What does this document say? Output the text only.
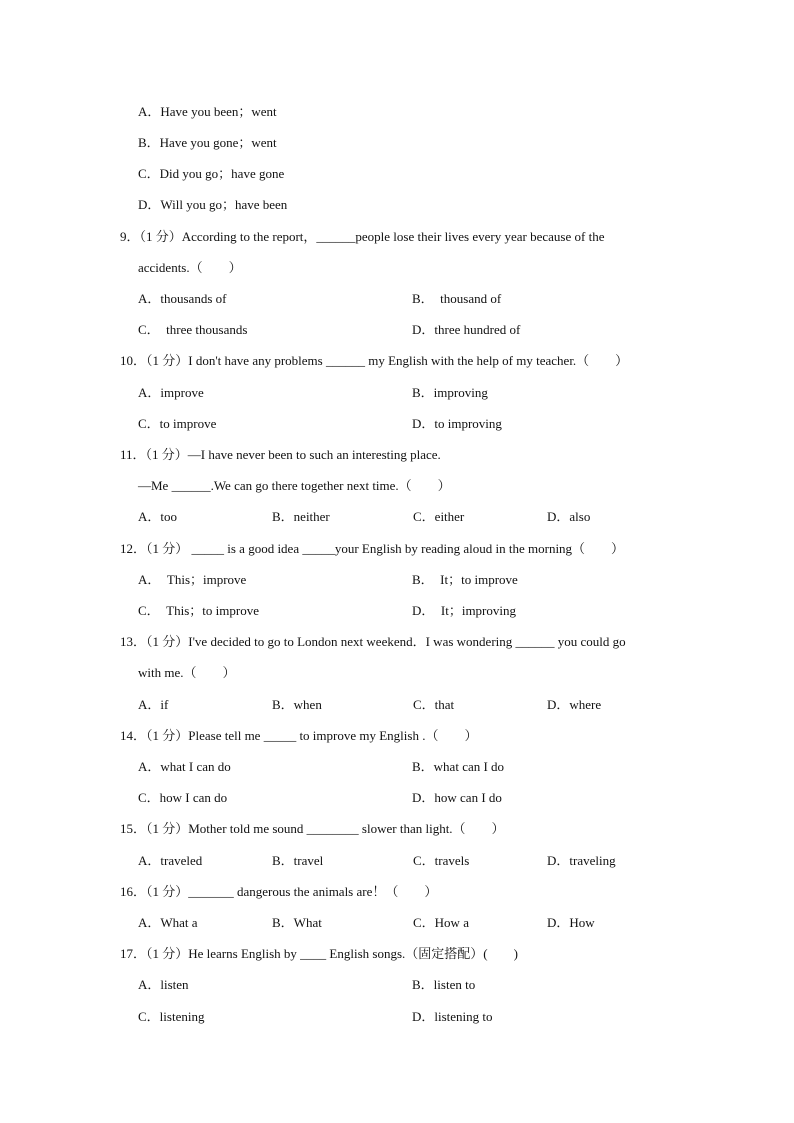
A．Have you been；went
B．Have you gone；went
C．Did you go；have gone
D．Will you go；have been
9．（1 分）According to the report，______people lose their lives every year because of the
accidents.（　　）
A．thousands of	B．　thousand of
C．　three thousands	D．three hundred of
10．（1 分）I don't have any problems ______ my English with the help of my teacher.（　　）
A．improve	B．improving
C．to improve	D．to improving
11．（1 分）—I have never been to such an interesting place.
—Me ______.We can go there together next time.（　　）
A．too	B．neither	C．either	D．also
12．（1 分） _____ is a good idea _____your English by reading aloud in the morning（　　）
A．　This；improve	B．　It；to improve
C．　This；to improve	D．　It；improving
13．（1 分）I've decided to go to London next weekend．I was wondering ______ you could go
with me.（　　）
A．if	B．when	C．that	D．where
14．（1 分）Please tell me _____ to improve my English .（　　）
A．what I can do	B．what can I do
C．how I can do	D．how can I do
15．（1 分）Mother told me sound ________ slower than light.（　　）
A．traveled	B．travel	C．travels	D．traveling
16．（1 分）_______ dangerous the animals are！（　　）
A．What a	B．What	C．How a	D．How
17．（1 分）He learns English by ____ English songs.（固定搭配）(　　)
A．listen	B．listen to
C．listening	D．listening to
